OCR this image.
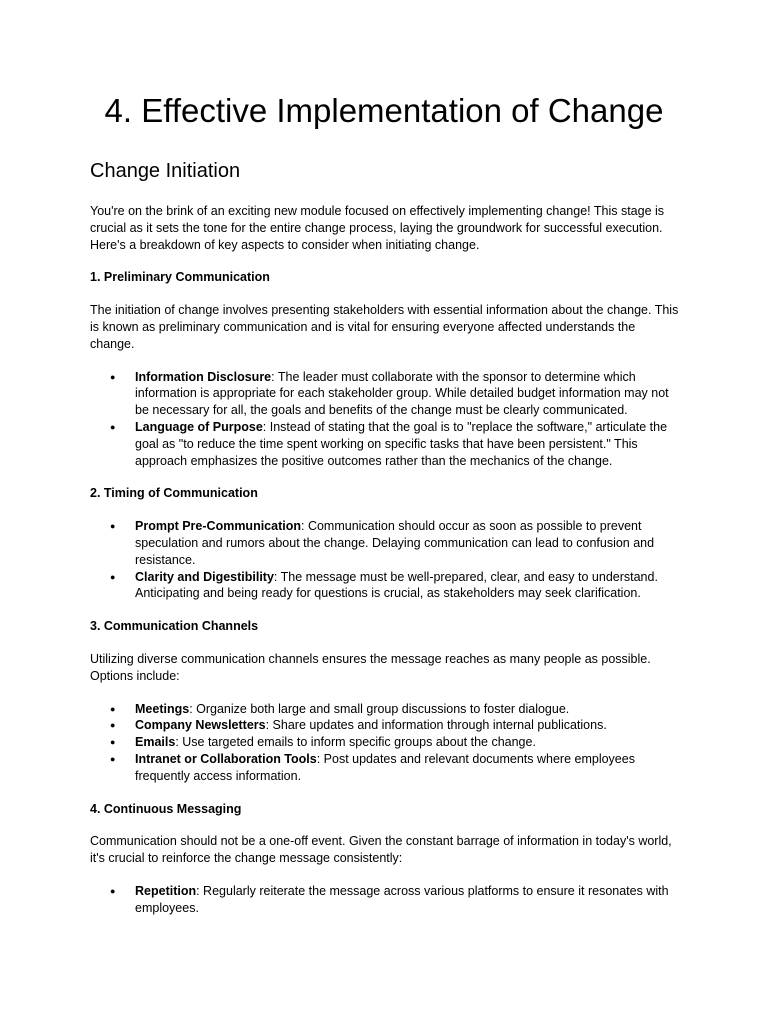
4. Effective Implementation of Change
Change Initiation

You're on the brink of an exciting new module focused on effectively implementing change! This stage is crucial as it sets the tone for the entire change process, laying the groundwork for successful execution. Here's a breakdown of key aspects to consider when initiating change.

1. Preliminary Communication

The initiation of change involves presenting stakeholders with essential information about the change. This is known as preliminary communication and is vital for ensuring everyone affected understands the change.

● Information Disclosure: The leader must collaborate with the sponsor to determine which information is appropriate for each stakeholder group. While detailed budget information may not be necessary for all, the goals and benefits of the change must be clearly communicated.
● Language of Purpose: Instead of stating that the goal is to "replace the software," articulate the goal as "to reduce the time spent working on specific tasks that have been persistent." This approach emphasizes the positive outcomes rather than the mechanics of the change.
2. Timing of Communication
● Prompt Pre-Communication: Communication should occur as soon as possible to prevent speculation and rumors about the change. Delaying communication can lead to confusion and resistance.
● Clarity and Digestibility: The message must be well-prepared, clear, and easy to understand. Anticipating and being ready for questions is crucial, as stakeholders may seek clarification.
3. Communication Channels

Utilizing diverse communication channels ensures the message reaches as many people as possible. Options include:

● Meetings: Organize both large and small group discussions to foster dialogue.
● Company Newsletters: Share updates and information through internal publications.
● Emails: Use targeted emails to inform specific groups about the change.
● Intranet or Collaboration Tools: Post updates and relevant documents where employees frequently access information.
4. Continuous Messaging

Communication should not be a one-off event. Given the constant barrage of information in today's world, it's crucial to reinforce the change message consistently:

● Repetition: Regularly reiterate the message across various platforms to ensure it resonates with employees.
